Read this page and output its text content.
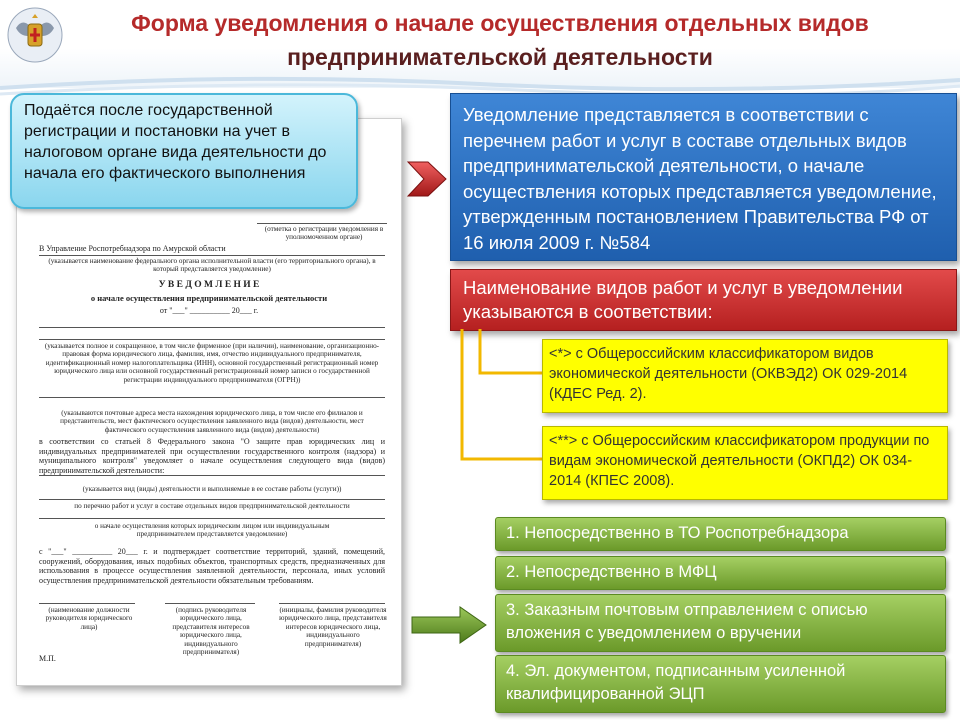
Форма уведомления о начале осуществления отдельных видов
предпринимательской деятельности
(отметка о регистрации уведомления в уполномоченном органе)
В Управление Роспотребнадзора по Амурской области
(указывается наименование федерального органа исполнительной власти (его территориального органа), в который представляется уведомление)
У В Е Д О М Л Е Н И Е
о начале осуществления предпринимательской деятельности
от "___" __________ 20___ г.
(указывается полное и сокращенное, в том числе фирменное (при наличии), наименование, организационно-правовая форма юридического лица, фамилия, имя, отчество индивидуального предпринимателя, идентификационный номер налогоплательщика (ИНН), основной государственный регистрационный номер юридического лица или основной государственный регистрационный номер записи о государственной регистрации индивидуального предпринимателя (ОГРН))
(указываются почтовые адреса места нахождения юридического лица, в том числе его филиалов и представительств, мест фактического осуществления заявленного вида (видов) деятельности, мест фактического осуществления заявленного вида (видов) деятельности)
в соответствии со статьей 8 Федерального закона "О защите прав юридических лиц и индивидуальных предпринимателей при осуществлении государственного контроля (надзора) и муниципального контроля" уведомляет о начале осуществления следующего вида (видов) предпринимательской деятельности:
(указывается вид (виды) деятельности и выполняемые в ее составе работы (услуги))
по перечню работ и услуг в составе отдельных видов предпринимательской деятельности
о начале осуществления которых юридическим лицом или индивидуальным предпринимателем представляется уведомление)
с "___" __________ 20___ г. и подтверждает соответствие территорий, зданий, помещений, сооружений, оборудования, иных подобных объектов, транспортных средств, предназначенных для использования в процессе осуществления заявленной деятельности, персонала, иных условий осуществления предпринимательской деятельности обязательным требованиям.
(наименование должности руководителя юридического лица)
(подпись руководителя юридического лица, представителя интересов юридического лица, индивидуального предпринимателя)
(инициалы, фамилия руководителя юридического лица, представителя интересов юридического лица, индивидуального предпринимателя)
М.П.
Подаётся после государственной регистрации и постановки на учет в налоговом органе вида деятельности до начала его фактического выполнения
Уведомление представляется в соответствии с перечнем работ и услуг в составе отдельных видов предпринимательской деятельности, о начале осуществления которых представляется уведомление, утвержденным постановлением Правительства РФ от 16 июля 2009 г. №584
Наименование видов работ и услуг в уведомлении указываются в соответствии:
<*> с Общероссийским классификатором видов экономической деятельности (ОКВЭД2) ОК 029-2014 (КДЕС Ред. 2).
<**> с Общероссийским классификатором продукции по видам экономической деятельности (ОКПД2) ОК 034-2014 (КПЕС 2008).
1. Непосредственно в ТО Роспотребнадзора
2. Непосредственно в МФЦ
3. Заказным почтовым отправлением с описью вложения с уведомлением о вручении
4. Эл. документом, подписанным усиленной квалифицированной ЭЦП
